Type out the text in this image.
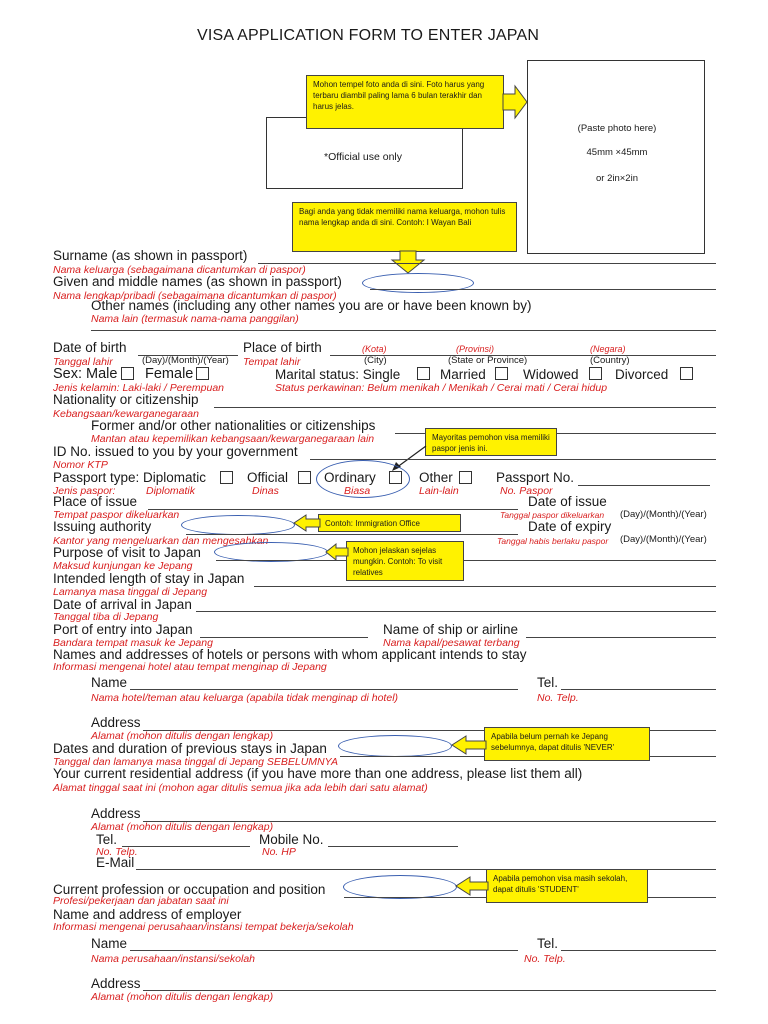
VISA APPLICATION FORM TO ENTER JAPAN
*Official use only
(Paste photo here)
45mm ×45mm
or 2in×2in
Mohon tempel foto anda di sini. Foto harus yang terbaru diambil paling lama 6 bulan terakhir dan harus jelas.
Bagi anda yang tidak memiliki nama keluarga, mohon tulis nama lengkap anda di sini. Contoh: I Wayan Bali
Surname (as shown in passport)
Nama keluarga (sebagaimana dicantumkan di paspor)
Given and middle names (as shown in passport)
Nama lengkap/pribadi (sebagaimana dicantumkan di paspor)
Other names (including any other names you are or have been known by)
Nama lain (termasuk nama-nama panggilan)
Date of birth	Place of birth	(Kota)	(Provinsi)	(Negara)
Tanggal lahir	(Day)/(Month)/(Year) Tempat lahir	(City)	(State or Province)	(Country)
Sex: Male Female	Marital status: Single	Married	Widowed	Divorced
Jenis kelamin: Laki-laki / Perempuan	Status perkawinan: Belum menikah / Menikah / Cerai mati / Cerai hidup
Nationality or citizenship
Kebangsaan/kewarganegaraan
Former and/or other nationalities or citizenships
Mantan atau kepemilikan kebangsaan/kewarganegaraan lain	Mayoritas pemohon visa memiliki paspor jenis ini.
ID No. issued to you by your government
Nomor KTP
Passport type: Diplomatic	Official	Ordinary	Other	Passport No.
Jenis paspor:	Diplomatik	Dinas	Biasa	Lain-lain	No. Paspor
Place of issue	Date of issue
Tempat paspor dikeluarkan	Tanggal paspor dikeluarkan (Day)/(Month)/(Year)
Issuing authority	Contoh: Immigration Office	Date of expiry
Kantor yang mengeluarkan dan mengesahkan	Tanggal habis berlaku paspor (Day)/(Month)/(Year)
Purpose of visit to Japan	Mohon jelaskan sejelas mungkin. Contoh: To visit relatives
Maksud kunjungan ke Jepang
Intended length of stay in Japan
Lamanya masa tinggal di Jepang
Date of arrival in Japan
Tanggal tiba di Jepang
Port of entry into Japan	Name of ship or airline
Bandara tempat masuk ke Jepang	Nama kapal/pesawat terbang
Names and addresses of hotels or persons with whom applicant intends to stay
Informasi mengenai hotel atau tempat menginap di Jepang
Name	Tel.
Nama hotel/teman atau keluarga (apabila tidak menginap di hotel)	No. Telp.
Address
Alamat (mohon ditulis dengan lengkap)
Dates and duration of previous stays in Japan
Apabila belum pernah ke Jepang sebelumnya, dapat ditulis 'NEVER'
Tanggal dan lamanya masa tinggal di Jepang SEBELUMNYA
Your current residential address (if you have more than one address, please list them all)
Alamat tinggal saat ini (mohon agar ditulis semua jika ada lebih dari satu alamat)
Address
Alamat (mohon ditulis dengan lengkap)
Tel.	Mobile No.
No. Telp.	No. HP
E-Mail
Current profession or occupation and position
Apabila pemohon visa masih sekolah, dapat ditulis 'STUDENT'
Profesi/pekerjaan dan jabatan saat ini
Name and address of employer
Informasi mengenai perusahaan/instansi tempat bekerja/sekolah
Name	Tel.
Nama perusahaan/instansi/sekolah	No. Telp.
Address
Alamat (mohon ditulis dengan lengkap)
